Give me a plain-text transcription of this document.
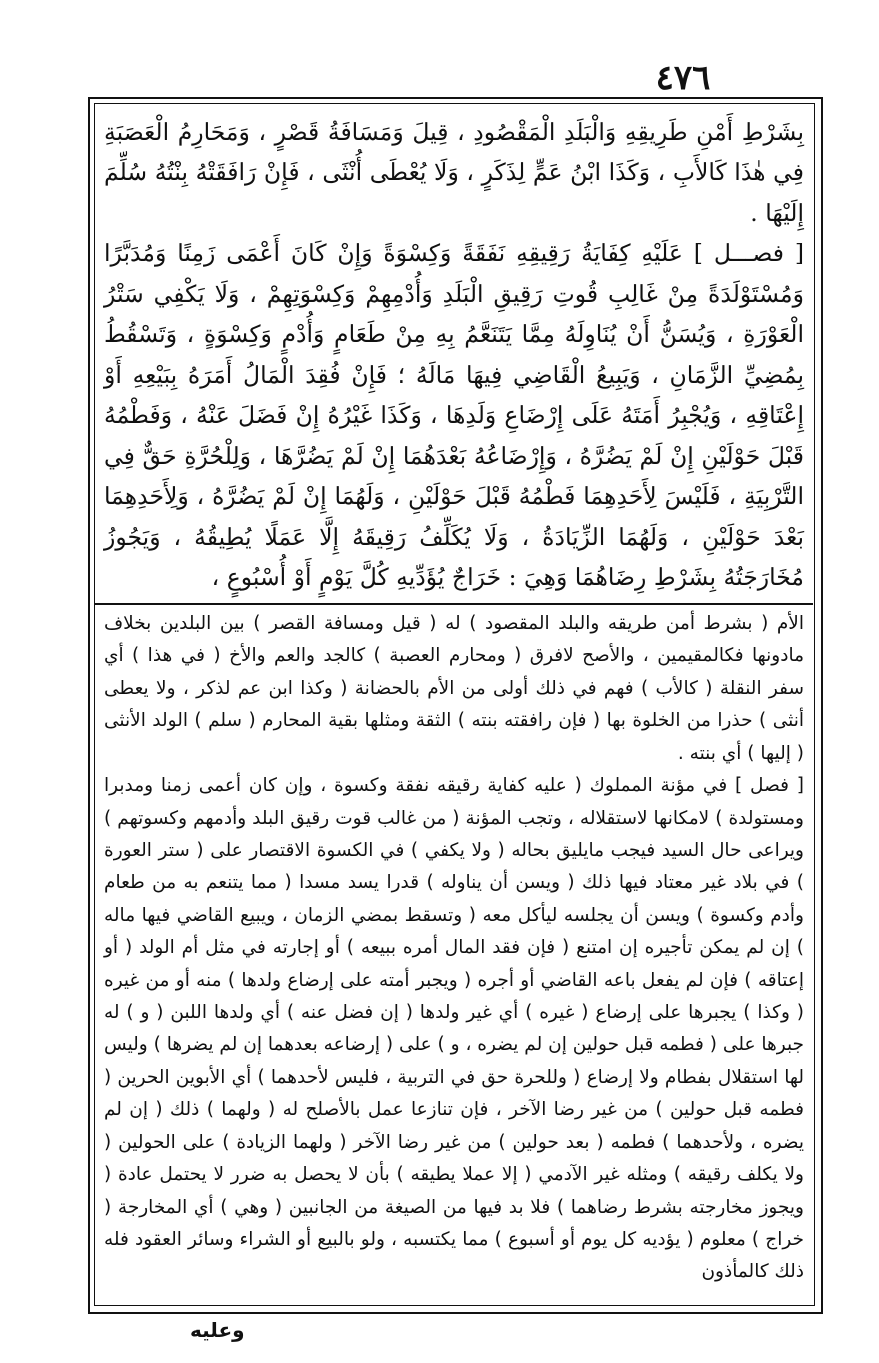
٤٧٦

بِشَرْطِ أَمْنِ طَرِيقِهِ وَالْبَلَدِ الْمَقْصُودِ ، قِيلَ وَمَسَافَةُ قَصْرٍ ، وَمَحَارِمُ الْعَصَبَةِ فِي هٰذَا كَالأَبِ ، وَكَذَا ابْنُ عَمٍّ لِذَكَرٍ ، وَلَا يُعْطَى أُنْثَى ، فَإِنْ رَافَقَتْهُ بِنْتُهُ سُلِّمَ إِلَيْهَا .

[ فصـــل ] عَلَيْهِ كِفَايَةُ رَقِيقِهِ نَفَقَةً وَكِسْوَةً وَإِنْ كَانَ أَعْمَى زَمِنًا وَمُدَبَّرًا وَمُسْتَوْلَدَةً مِنْ غَالِبِ قُوتِ رَقِيقِ الْبَلَدِ وَأُدْمِهِمْ وَكِسْوَتِهِمْ ، وَلَا يَكْفِي سَتْرُ الْعَوْرَةِ ، وَيُسَنُّ أَنْ يُنَاوِلَهُ مِمَّا يَتَنَعَّمُ بِهِ مِنْ طَعَامٍ وَأُدْمٍ وَكِسْوَةٍ ، وَتَسْقُطُ بِمُضِيِّ الزَّمَانِ ، وَيَبِيعُ الْقَاضِي فِيهَا مَالَهُ ؛ فَإِنْ فُقِدَ الْمَالُ أَمَرَهُ بِبَيْعِهِ أَوْ إِعْتَاقِهِ ، وَيُجْبِرُ أَمَتَهُ عَلَى إِرْضَاعِ وَلَدِهَا ، وَكَذَا غَيْرُهُ إِنْ فَضَلَ عَنْهُ ، وَفَطْمُهُ قَبْلَ حَوْلَيْنِ إِنْ لَمْ يَضُرَّهُ ، وَإِرْضَاعُهُ بَعْدَهُمَا إِنْ لَمْ يَضُرَّهَا ، وَلِلْحُرَّةِ حَقٌّ فِي التَّرْبِيَةِ ، فَلَيْسَ لِأَحَدِهِمَا فَطْمُهُ قَبْلَ حَوْلَيْنِ ، وَلَهُمَا إِنْ لَمْ يَضُرَّهُ ، وَلِأَحَدِهِمَا بَعْدَ حَوْلَيْنِ ، وَلَهُمَا الزِّيَادَةُ ، وَلَا يُكَلِّفُ رَقِيقَهُ إِلَّا عَمَلًا يُطِيقُهُ ، وَيَجُوزُ مُخَارَجَتُهُ بِشَرْطِ رِضَاهُمَا وَهِيَ : خَرَاجٌ يُؤَدِّيهِ كُلَّ يَوْمٍ أَوْ أُسْبُوعٍ ،

الأم ( بشرط أمن طريقه والبلد المقصود ) له ( قيل ومسافة القصر ) بين البلدين بخلاف مادونها فكالمقيمين ، والأصح لافرق ( ومحارم العصبة ) كالجد والعم والأخ ( في هذا ) أي سفر النقلة ( كالأب ) فهم في ذلك أولى من الأم بالحضانة ( وكذا ابن عم لذكر ، ولا يعطى أنثى ) حذرا من الخلوة بها ( فإن رافقته بنته ) الثقة ومثلها بقية المحارم ( سلم ) الولد الأنثى ( إليها ) أي بنته .

[ فصل ] في مؤنة المملوك ( عليه كفاية رقيقه نفقة وكسوة ، وإن كان أعمى زمنا ومدبرا ومستولدة ) لامكانها لاستقلاله ، وتجب المؤنة ( من غالب قوت رقيق البلد وأدمهم وكسوتهم ) ويراعى حال السيد فيجب مايليق بحاله ( ولا يكفي ) في الكسوة الاقتصار على ( ستر العورة ) في بلاد غير معتاد فيها ذلك ( ويسن أن يناوله ) قدرا يسد مسدا ( مما يتنعم به من طعام وأدم وكسوة ) ويسن أن يجلسه ليأكل معه ( وتسقط بمضي الزمان ، ويبيع القاضي فيها ماله ) إن لم يمكن تأجيره إن امتنع ( فإن فقد المال أمره ببيعه ) أو إجارته في مثل أم الولد ( أو إعتاقه ) فإن لم يفعل باعه القاضي أو أجره ( ويجبر أمته على إرضاع ولدها ) منه أو من غيره ( وكذا ) يجبرها على إرضاع ( غيره ) أي غير ولدها ( إن فضل عنه ) أي ولدها اللبن ( و ) له جبرها على ( فطمه قبل حولين إن لم يضره ، و ) على ( إرضاعه بعدهما إن لم يضرها ) وليس لها استقلال بفطام ولا إرضاع ( وللحرة حق في التربية ، فليس لأحدهما ) أي الأبوين الحرين ( فطمه قبل حولين ) من غير رضا الآخر ، فإن تنازعا عمل بالأصلح له ( ولهما ) ذلك ( إن لم يضره ، ولأحدهما ) فطمه ( بعد حولين ) من غير رضا الآخر ( ولهما الزيادة ) على الحولين ( ولا يكلف رقيقه ) ومثله غير الآدمي ( إلا عملا يطيقه ) بأن لا يحصل به ضرر لا يحتمل عادة ( ويجوز مخارجته بشرط رضاهما ) فلا بد فيها من الصيغة من الجانبين ( وهي ) أي المخارجة ( خراج ) معلوم ( يؤديه كل يوم أو أسبوع ) مما يكتسبه ، ولو بالبيع أو الشراء وسائر العقود فله ذلك كالمأذون

وعليه
